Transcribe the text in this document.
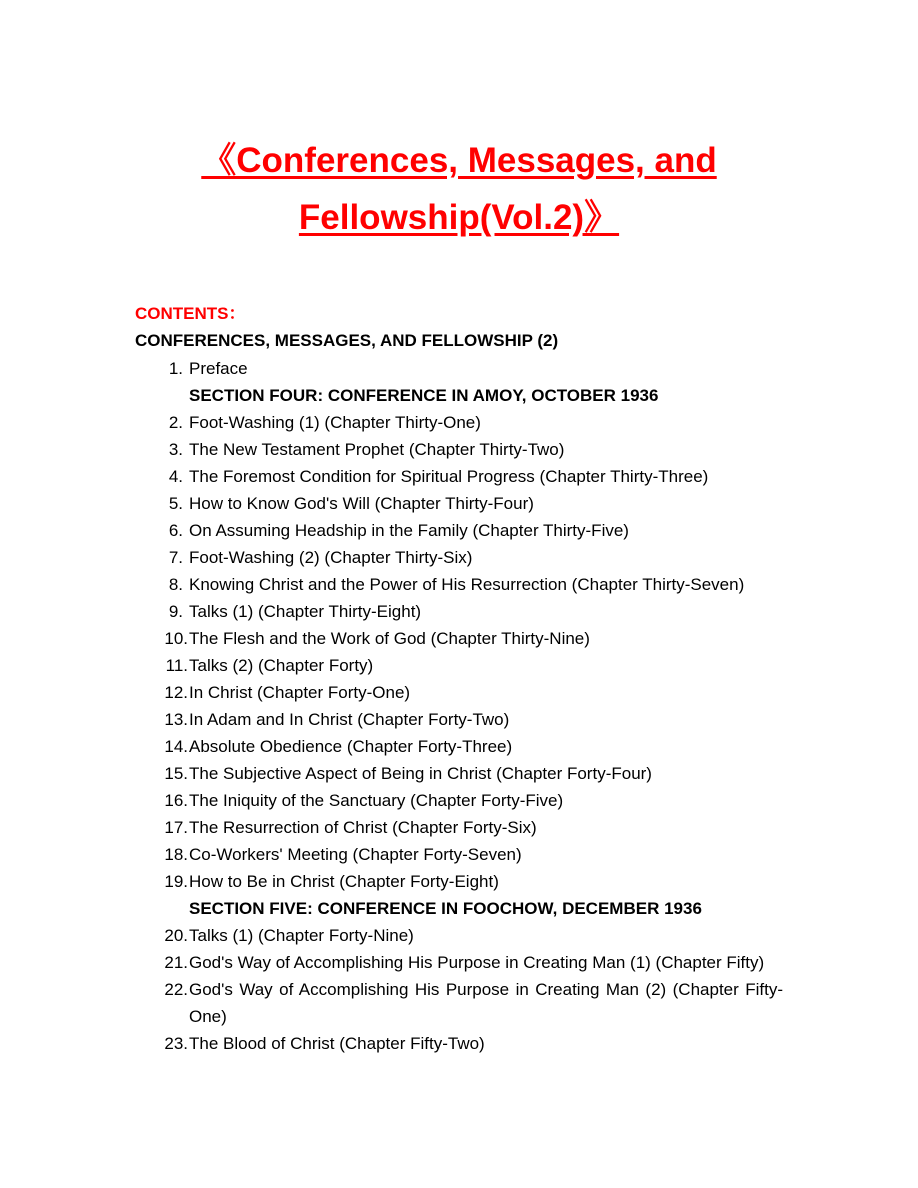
《Conferences, Messages, and
Fellowship(Vol.2)》
CONTENTS：
CONFERENCES, MESSAGES, AND FELLOWSHIP (2)
1. Preface
SECTION FOUR: CONFERENCE IN AMOY, OCTOBER 1936
2. Foot-Washing (1) (Chapter Thirty-One)
3. The New Testament Prophet (Chapter Thirty-Two)
4. The Foremost Condition for Spiritual Progress (Chapter Thirty-Three)
5. How to Know God's Will (Chapter Thirty-Four)
6. On Assuming Headship in the Family (Chapter Thirty-Five)
7. Foot-Washing (2) (Chapter Thirty-Six)
8. Knowing Christ and the Power of His Resurrection (Chapter Thirty-Seven)
9. Talks (1) (Chapter Thirty-Eight)
10. The Flesh and the Work of God (Chapter Thirty-Nine)
11. Talks (2) (Chapter Forty)
12. In Christ (Chapter Forty-One)
13. In Adam and In Christ (Chapter Forty-Two)
14. Absolute Obedience (Chapter Forty-Three)
15. The Subjective Aspect of Being in Christ (Chapter Forty-Four)
16. The Iniquity of the Sanctuary (Chapter Forty-Five)
17. The Resurrection of Christ (Chapter Forty-Six)
18. Co-Workers' Meeting (Chapter Forty-Seven)
19. How to Be in Christ (Chapter Forty-Eight)
SECTION FIVE: CONFERENCE IN FOOCHOW, DECEMBER 1936
20. Talks (1) (Chapter Forty-Nine)
21. God's Way of Accomplishing His Purpose in Creating Man (1) (Chapter Fifty)
22. God's Way of Accomplishing His Purpose in Creating Man (2) (Chapter Fifty-One)
23. The Blood of Christ (Chapter Fifty-Two)
